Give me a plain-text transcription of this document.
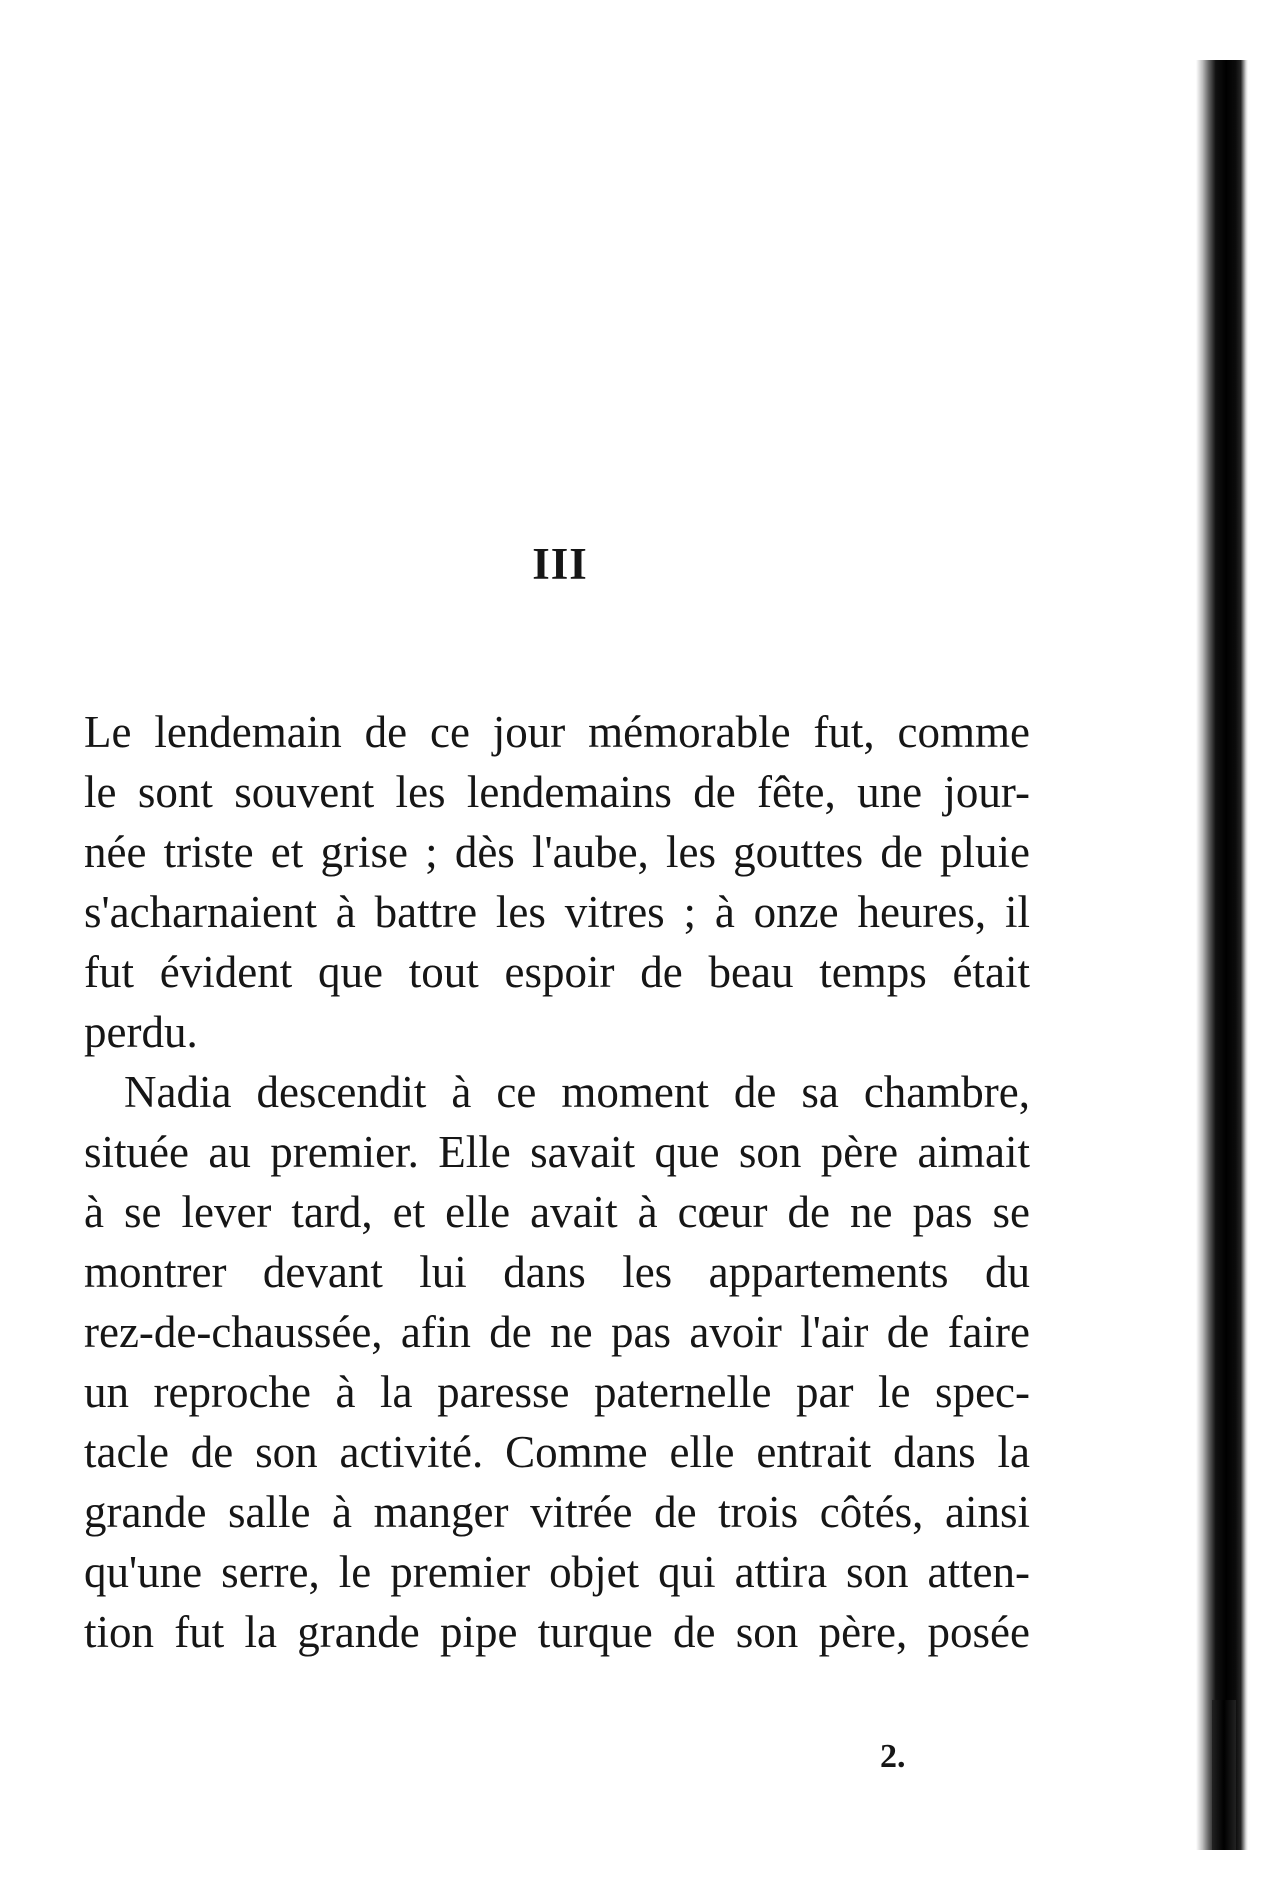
III
Le lendemain de ce jour mémorable fut, comme
le sont souvent les lendemains de fête, une jour-
née triste et grise ; dès l'aube, les gouttes de pluie
s'acharnaient à battre les vitres ; à onze heures, il
fut évident que tout espoir de beau temps était
perdu.
Nadia descendit à ce moment de sa chambre,
située au premier. Elle savait que son père aimait
à se lever tard, et elle avait à cœur de ne pas se
montrer devant lui dans les appartements du
rez-de-chaussée, afin de ne pas avoir l'air de faire
un reproche à la paresse paternelle par le spec-
tacle de son activité. Comme elle entrait dans la
grande salle à manger vitrée de trois côtés, ainsi
qu'une serre, le premier objet qui attira son atten-
tion fut la grande pipe turque de son père, posée
2.
